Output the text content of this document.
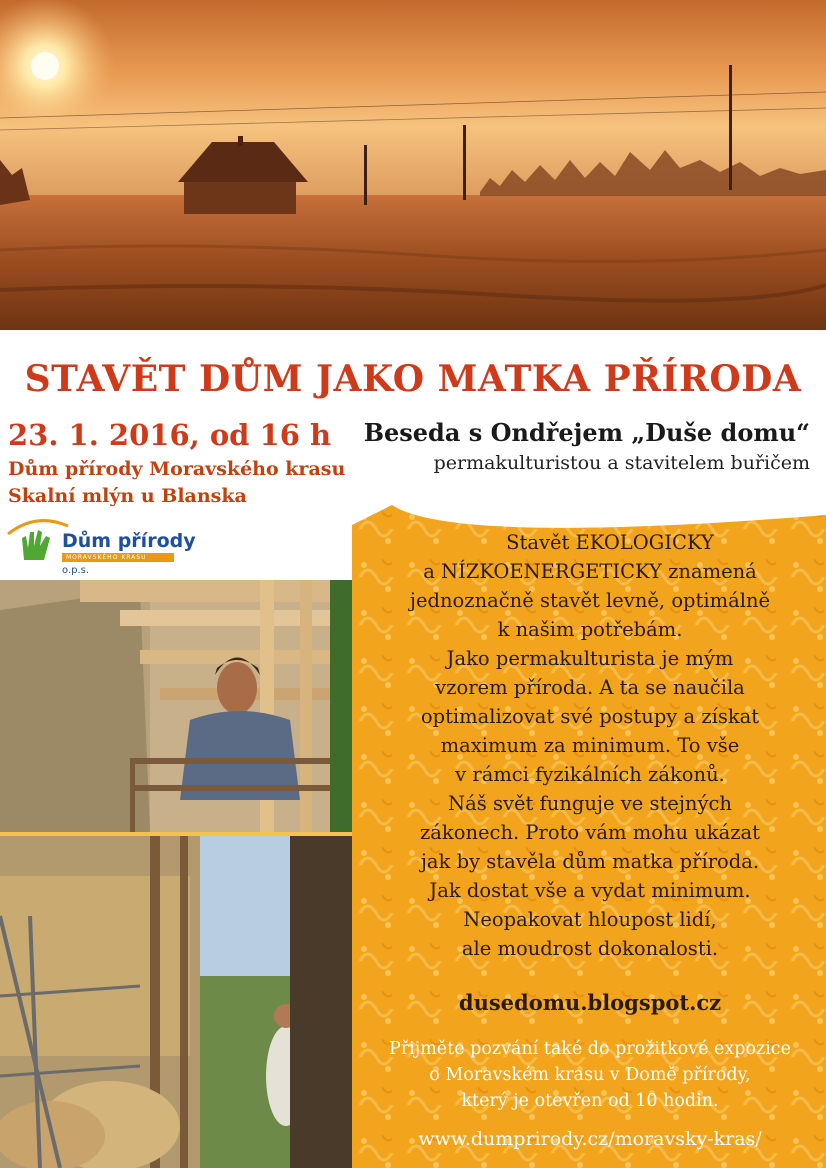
STAVĚT DŮM JAKO MATKA PŘÍRODA

23. 1. 2016, od 16 h

Dům přírody Moravského krasu

Skalní mlýn u Blanska

Beseda s Ondřejem „Duše domu“

permakulturistou a stavitelem buřičem

Dům přírody
MORAVSKÉHO KRASU
o.p.s.

Stavět EKOLOGICKY

a NÍZKOENERGETICKY znamená

jednoznačně stavět levně, optimálně

k našim potřebám.

Jako permakulturista je mým

vzorem příroda. A ta se naučila

optimalizovat své postupy a získat

maximum za minimum. To vše

v rámci fyzikálních zákonů.

Náš svět funguje ve stejných

zákonech. Proto vám mohu ukázat

jak by stavěla dům matka příroda.

Jak dostat vše a vydat minimum.

Neopakovat hloupost lidí,

ale moudrost dokonalosti.

dusedomu.blogspot.cz

Přijměte pozvání také do prožitkové expozice

o Moravském krasu v Domě přírody,

který je otevřen od 10 hodin.

www.dumprirody.cz/moravsky-kras/
